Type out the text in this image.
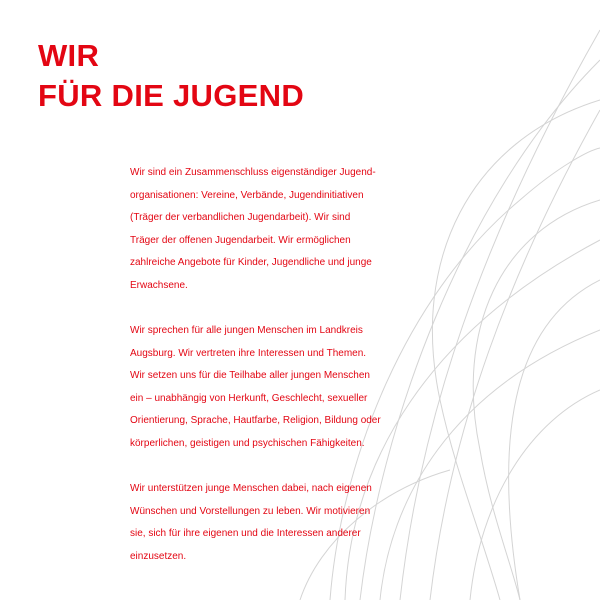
WIR
FÜR DIE JUGEND

Wir sind ein Zusammenschluss eigenständiger Jugend-
organisationen: Vereine, Verbände, Jugendinitiativen
(Träger der verbandlichen Jugendarbeit). Wir sind
Träger der offenen Jugendarbeit. Wir ermöglichen
zahlreiche Angebote für Kinder, Jugendliche und junge
Erwachsene.

Wir sprechen für alle jungen Menschen im Landkreis
Augsburg. Wir vertreten ihre Interessen und Themen.
Wir setzen uns für die Teilhabe aller jungen Menschen
ein – unabhängig von Herkunft, Geschlecht, sexueller
Orientierung, Sprache, Hautfarbe, Religion, Bildung oder
körperlichen, geistigen und psychischen Fähigkeiten.

Wir unterstützen junge Menschen dabei, nach eigenen
Wünschen und Vorstellungen zu leben. Wir motivieren
sie, sich für ihre eigenen und die Interessen anderer
einzusetzen.
